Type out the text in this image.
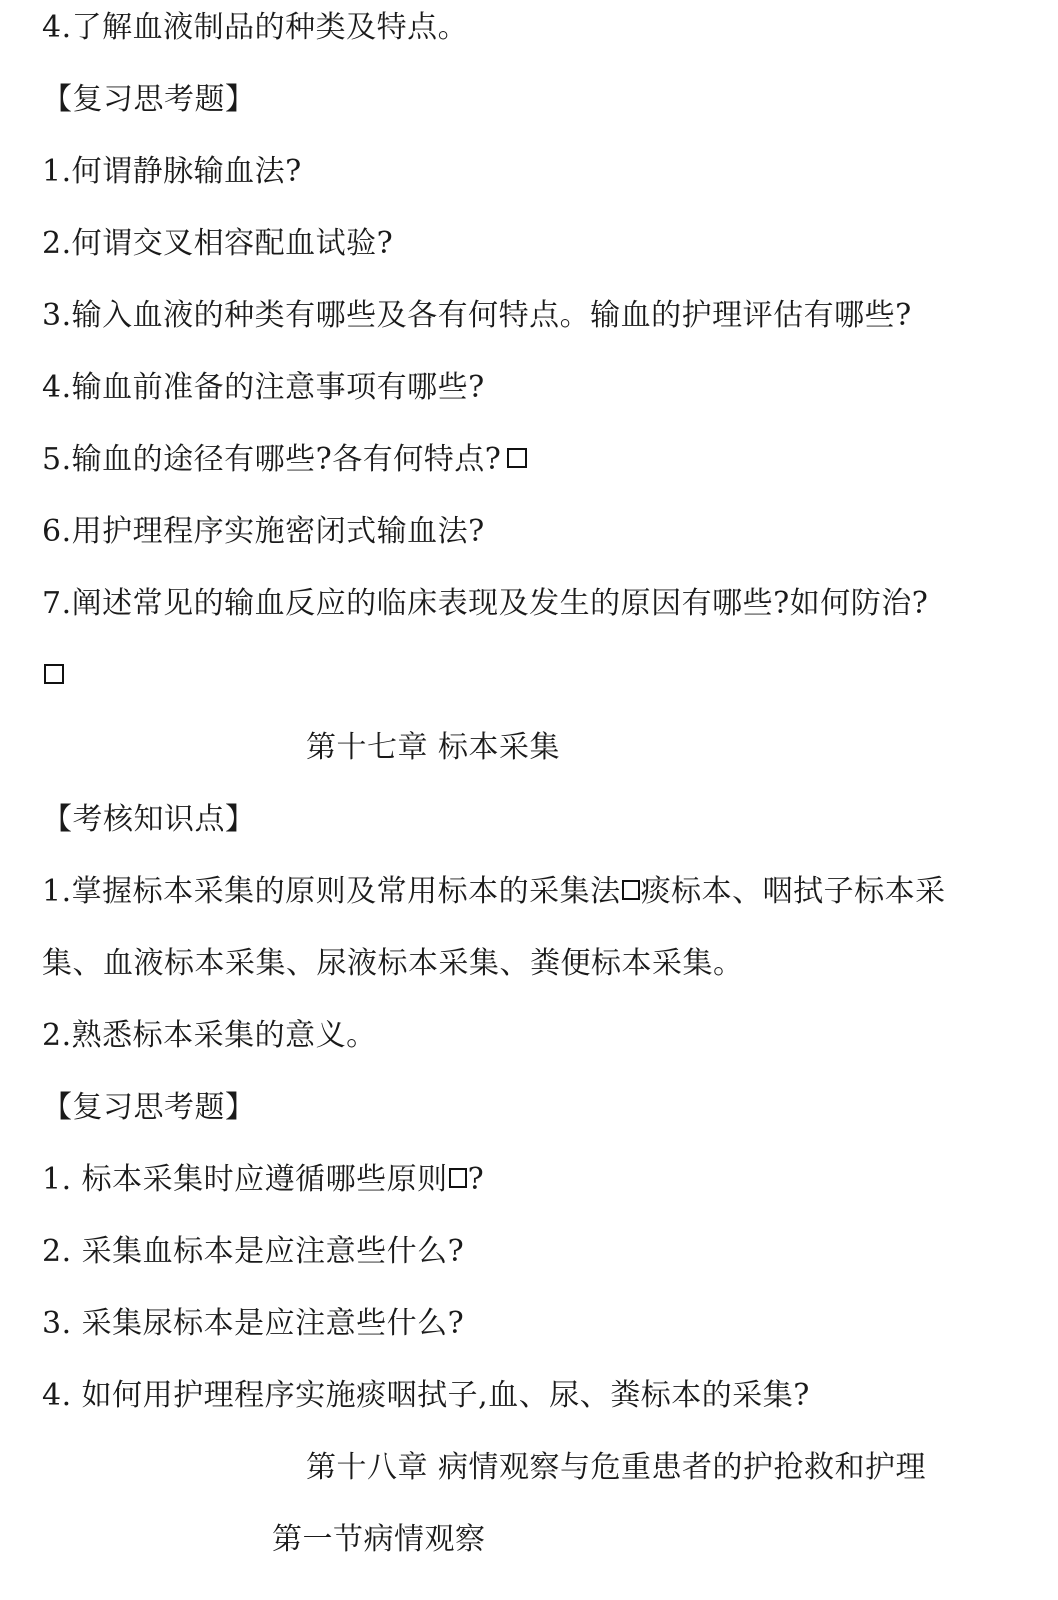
4.了解血液制品的种类及特点。
【复习思考题】
1.何谓静脉输血法?
2.何谓交叉相容配血试验?
3.输入血液的种类有哪些及各有何特点。输血的护理评估有哪些?
4.输血前准备的注意事项有哪些?
5.输血的途径有哪些?各有何特点?
6.用护理程序实施密闭式输血法?
7.阐述常见的输血反应的临床表现及发生的原因有哪些?如何防治?
第十七章 标本采集
【考核知识点】
1.掌握标本采集的原则及常用标本的采集法 痰标本、咽拭子标本采
集、血液标本采集、尿液标本采集、粪便标本采集。
2.熟悉标本采集的意义。
【复习思考题】
1. 标本采集时应遵循哪些原则 ?
2. 采集血标本是应注意些什么?
3. 采集尿标本是应注意些什么?
4. 如何用护理程序实施痰咽拭子,血、尿、粪标本的采集?
第十八章 病情观察与危重患者的护抢救和护理
第一节病情观察
